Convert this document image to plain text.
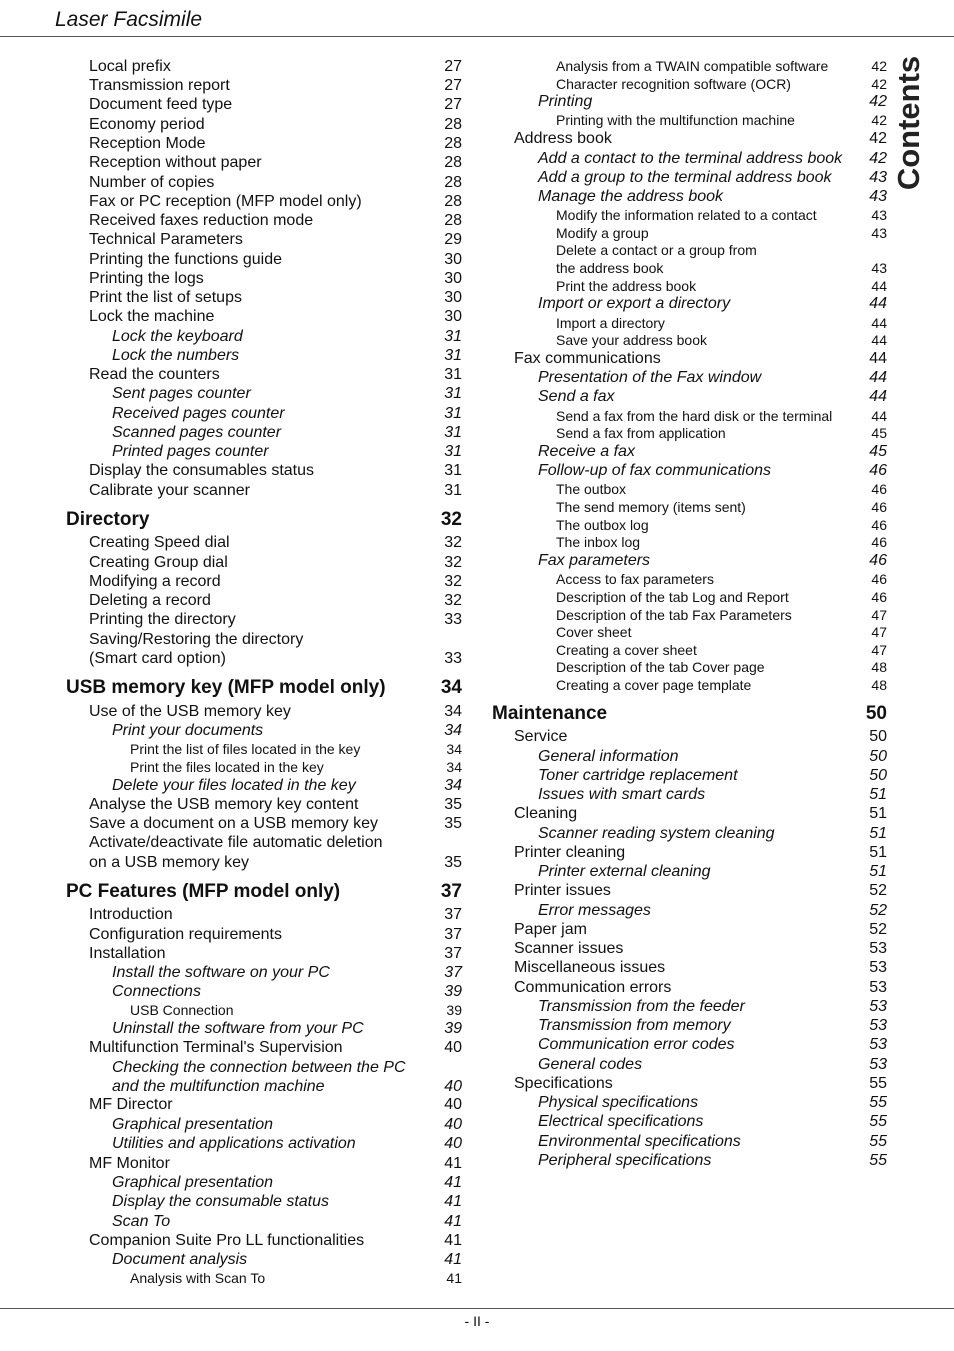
Laser Facsimile
Contents
Local prefix	27
Transmission report	27
Document feed type	27
Economy period	28
Reception Mode	28
Reception without paper	28
Number of copies	28
Fax or PC reception (MFP model only)	28
Received faxes reduction mode	28
Technical Parameters	29
Printing the functions guide	30
Printing the logs	30
Print the list of setups	30
Lock the machine	30
Lock the keyboard	31
Lock the numbers	31
Read the counters	31
Sent pages counter	31
Received pages counter	31
Scanned pages counter	31
Printed pages counter	31
Display the consumables status	31
Calibrate your scanner	31
Directory	32
Creating Speed dial	32
Creating Group dial	32
Modifying a record	32
Deleting a record	32
Printing the directory	33
Saving/Restoring the directory
(Smart card option)	33
USB memory key (MFP model only)	34
Use of the USB memory key	34
Print your documents	34
Print the list of files located in the key	34
Print the files located in the key	34
Delete your files located in the key	34
Analyse the USB memory key content	35
Save a document on a USB memory key	35
Activate/deactivate file automatic deletion
on a USB memory key	35
PC Features (MFP model only)	37
Introduction	37
Configuration requirements	37
Installation	37
Install the software on your PC	37
Connections	39
USB Connection	39
Uninstall the software from your PC	39
Multifunction Terminal's Supervision	40
Checking the connection between the PC
and the multifunction machine	40
MF Director	40
Graphical presentation	40
Utilities and applications activation	40
MF Monitor	41
Graphical presentation	41
Display the consumable status	41
Scan To	41
Companion Suite Pro LL functionalities	41
Document analysis	41
Analysis with Scan To	41
Analysis from a TWAIN compatible software	42
Character recognition software (OCR)	42
Printing	42
Printing with the multifunction machine	42
Address book	42
Add a contact to the terminal address book 42
Add a group to the terminal address book 43
Manage the address book	43
Modify the information related to a contact	43
Modify a group	43
Delete a contact or a group from
the address book	43
Print the address book	44
Import or export a directory	44
Import a directory	44
Save your address book	44
Fax communications	44
Presentation of the Fax window	44
Send a fax	44
Send a fax from the hard disk or the terminal	44
Send a fax from application	45
Receive a fax	45
Follow-up of fax communications	46
The outbox	46
The send memory (items sent)	46
The outbox log	46
The inbox log	46
Fax parameters	46
Access to fax parameters	46
Description of the tab Log and Report	46
Description of the tab Fax Parameters	47
Cover sheet	47
Creating a cover sheet	47
Description of the tab Cover page	48
Creating a cover page template	48
Maintenance	50
Service	50
General information	50
Toner cartridge replacement	50
Issues with smart cards	51
Cleaning	51
Scanner reading system cleaning	51
Printer cleaning	51
Printer external cleaning	51
Printer issues	52
Error messages	52
Paper jam	52
Scanner issues	53
Miscellaneous issues	53
Communication errors	53
Transmission from the feeder	53
Transmission from memory	53
Communication error codes	53
General codes	53
Specifications	55
Physical specifications	55
Electrical specifications	55
Environmental specifications	55
Peripheral specifications	55
- II -
